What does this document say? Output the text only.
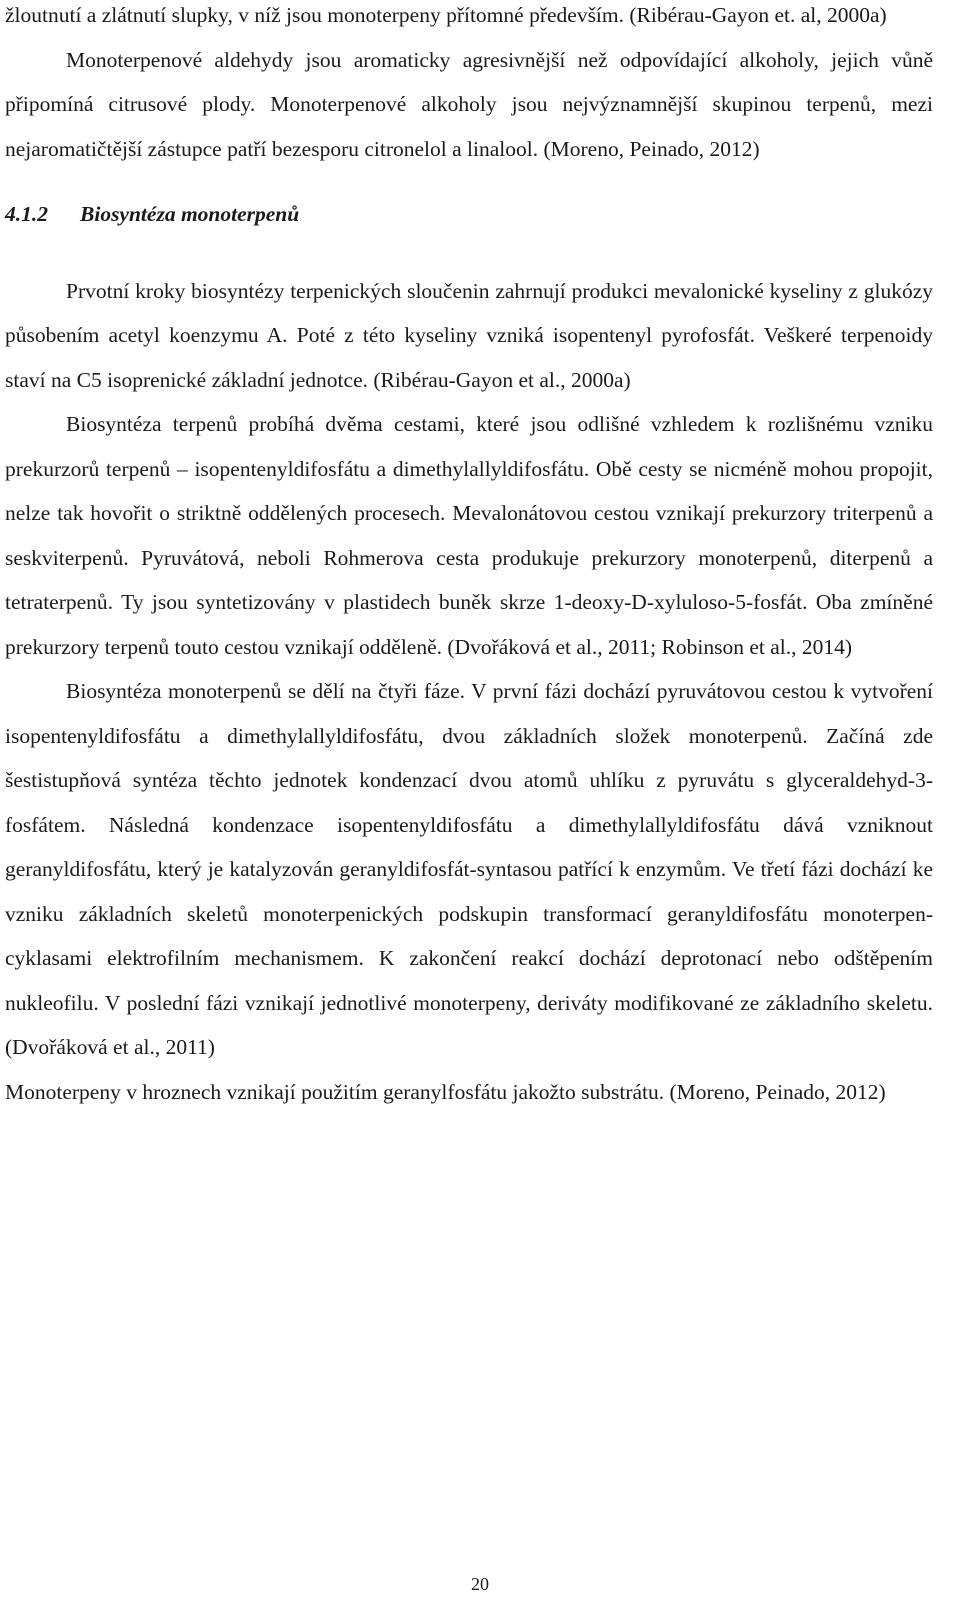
žloutnutí a zlátnutí slupky, v níž jsou monoterpeny přítomné především. (Ribérau-Gayon et. al, 2000a)

Monoterpenové aldehydy jsou aromaticky agresivnější než odpovídající alkoholy, jejich vůně připomíná citrusové plody. Monoterpenové alkoholy jsou nejvýznamnější skupinou terpenů, mezi nejaromatičtější zástupce patří bezesporu citronelol a linalool. (Moreno, Peinado, 2012)

4.1.2 Biosyntéza monoterpenů

Prvotní kroky biosyntézy terpenických sloučenin zahrnují produkci mevalonické kyseliny z glukózy působením acetyl koenzymu A. Poté z této kyseliny vzniká isopentenyl pyrofosfát. Veškeré terpenoidy staví na C5 isoprenické základní jednotce. (Ribérau-Gayon et al., 2000a)

Biosyntéza terpenů probíhá dvěma cestami, které jsou odlišné vzhledem k rozlišnému vzniku prekurzorů terpenů – isopentenyldifosfátu a dimethylallyldifosfátu. Obě cesty se nicméně mohou propojit, nelze tak hovořit o striktně oddělených procesech. Mevalonátovou cestou vznikají prekurzory triterpenů a seskviterpenů. Pyruvátová, neboli Rohmerova cesta produkuje prekurzory monoterpenů, diterpenů a tetraterpenů. Ty jsou syntetizovány v plastidech buněk skrze 1-deoxy-D-xylulosо-5-fosfát. Oba zmíněné prekurzory terpenů touto cestou vznikají odděleně. (Dvořáková et al., 2011; Robinson et al., 2014)

Biosyntéza monoterpenů se dělí na čtyři fáze. V první fázi dochází pyruvátovou cestou k vytvoření isopentenyldifosfátu a dimethylallyldifosfátu, dvou základních složek monoterpenů. Začíná zde šestistupňová syntéza těchto jednotek kondenzací dvou atomů uhlíku z pyruvátu s glyceraldehyd-3-fosfátem. Následná kondenzace isopentenyldifosfátu a dimethylallyldifosfátu dává vzniknout geranyldifosfátu, který je katalyzován geranyldifosfát-syntasou patřící k enzymům. Ve třetí fázi dochází ke vzniku základních skeletů monoterpenických podskupin transformací geranyldifosfátu monoterpen-cyklasami elektrofilním mechanismem. K zakončení reakcí dochází deprotonací nebo odštěpením nukleofilu. V poslední fázi vznikají jednotlivé monoterpeny, deriváty modifikované ze základního skeletu. (Dvořáková et al., 2011)

Monoterpeny v hroznech vznikají použitím geranylfosfátu jakožto substrátu. (Moreno, Peinado, 2012)

20
